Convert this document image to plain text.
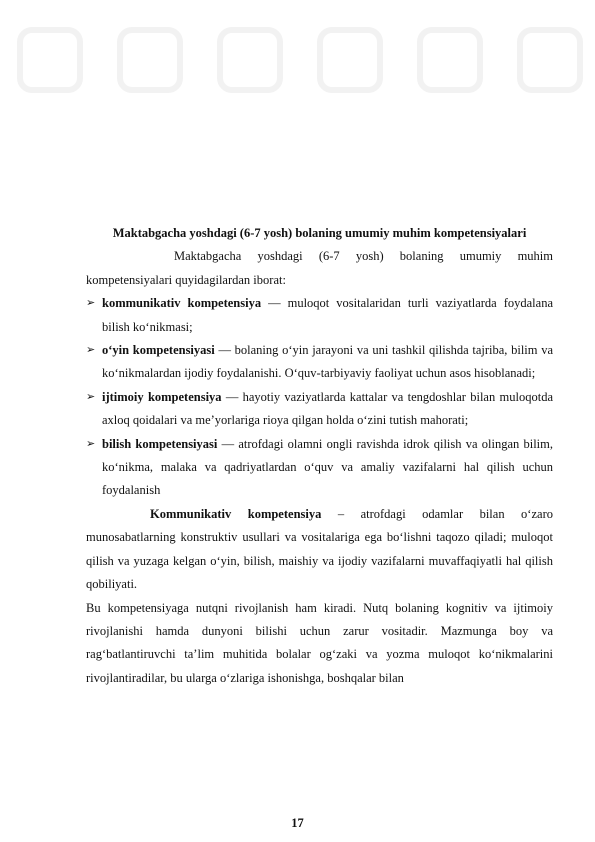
Maktabgacha yoshdagi (6-7 yosh) bolaning umumiy muhim kompetensiyalari

Maktabgacha yoshdagi (6-7 yosh) bolaning umumiy muhim kompetensiyalari quyidagilardan iborat:

➢ kommunikativ kompetensiya — muloqot vositalaridan turli vaziyatlarda foydalana bilish ko‘nikmasi;
➢ o‘yin kompetensiyasi — bolaning o‘yin jarayoni va uni tashkil qilishda tajriba, bilim va ko‘nikmalardan ijodiy foydalanishi. O‘quv-tarbiyaviy faoliyat uchun asos hisoblanadi;
➢ ijtimoiy kompetensiya — hayotiy vaziyatlarda kattalar va tengdoshlar bilan muloqotda axloq qoidalari va me’yorlariga rioya qilgan holda o‘zini tutish mahorati;
➢ bilish kompetensiyasi — atrofdagi olamni ongli ravishda idrok qilish va olingan bilim, ko‘nikma, malaka va qadriyatlardan o‘quv va amaliy vazifalarni hal qilish uchun foydalanish

Kommunikativ kompetensiya – atrofdagi odamlar bilan o‘zaro munosabatlarning konstruktiv usullari va vositalariga ega bo‘lishni taqozo qiladi; muloqot qilish va yuzaga kelgan o‘yin, bilish, maishiy va ijodiy vazifalarni muvaffaqiyatli hal qilish qobiliyati.

Bu kompetensiyaga nutqni rivojlanish ham kiradi. Nutq bolaning kognitiv va ijtimoiy rivojlanishi hamda dunyoni bilishi uchun zarur vositadir. Mazmunga boy va rag‘batlantiruvchi ta’lim muhitida bolalar og‘zaki va yozma muloqot ko‘nikmalarini rivojlantiradilar, bu ularga o‘zlariga ishonishga, boshqalar bilan

17
